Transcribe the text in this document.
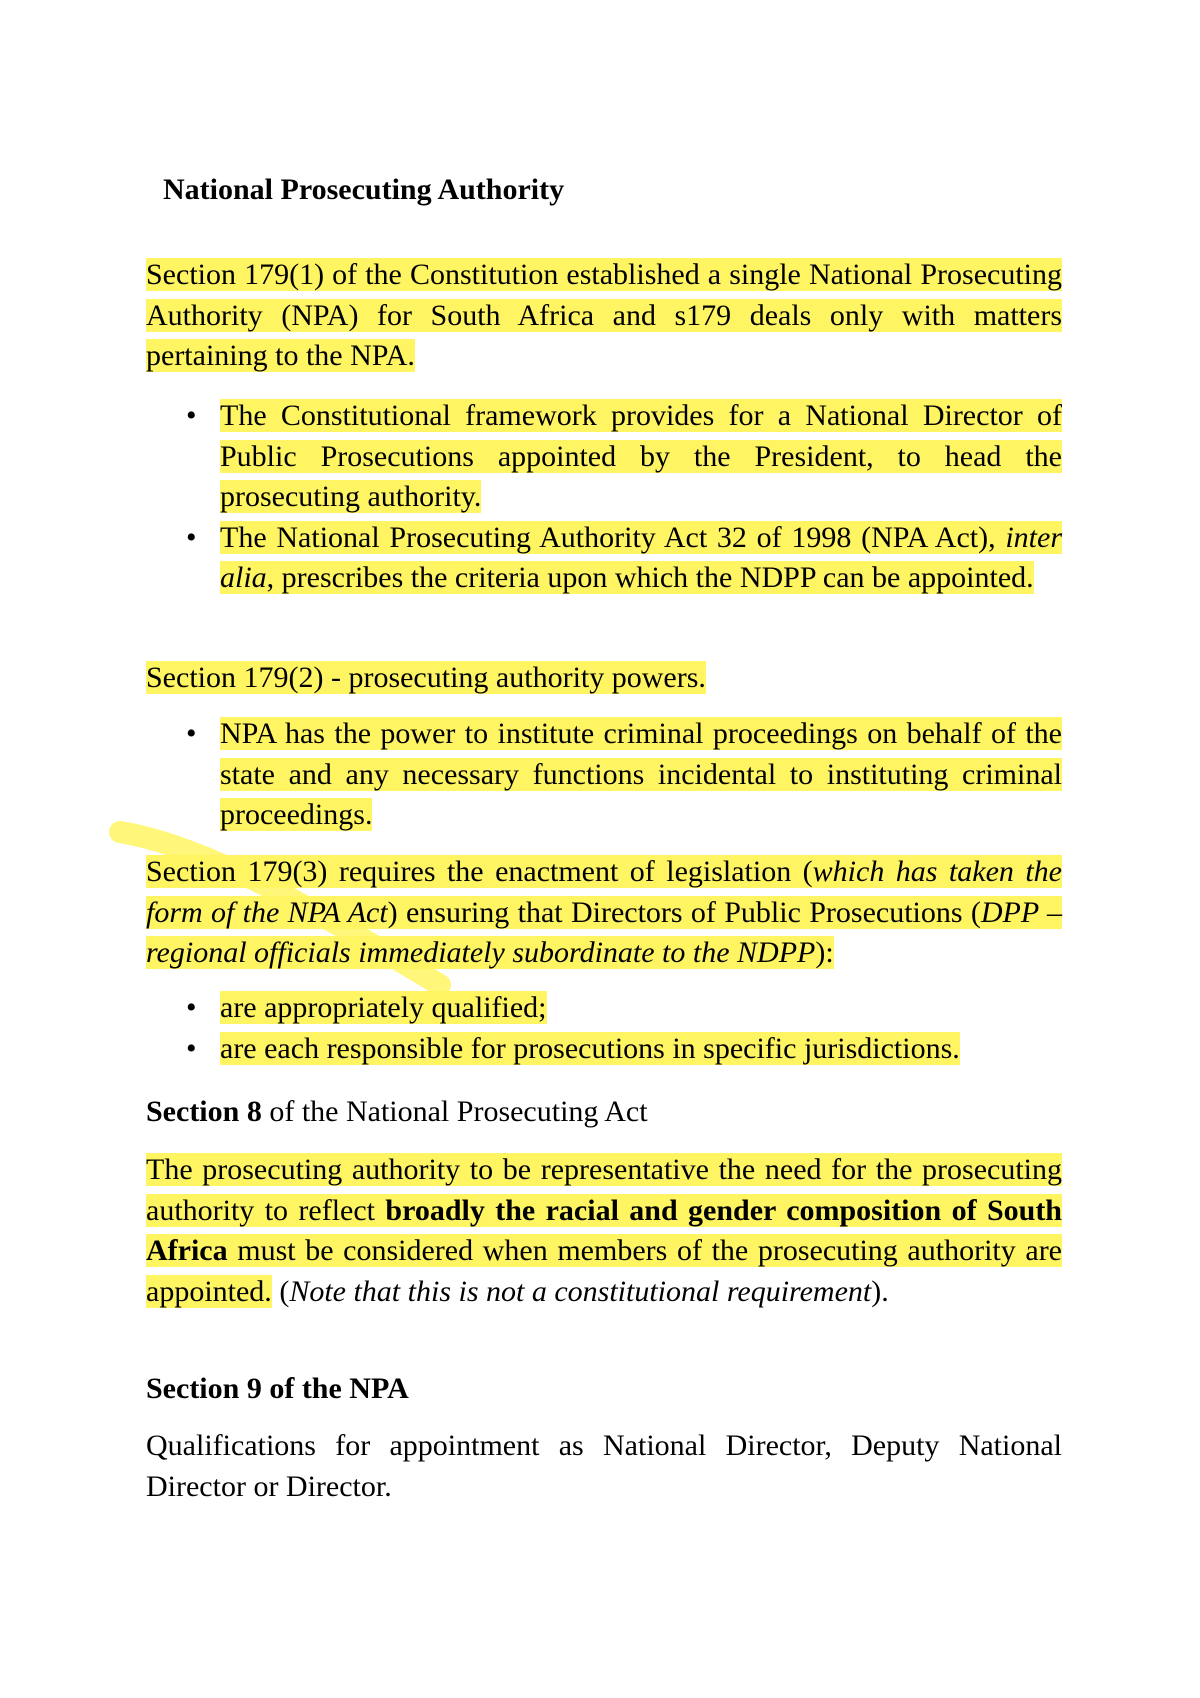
National Prosecuting Authority

Section 179(1) of the Constitution established a single National Prosecuting Authority (NPA) for South Africa and s179 deals only with matters pertaining to the NPA.

• The Constitutional framework provides for a National Director of Public Prosecutions appointed by the President, to head the prosecuting authority.
• The National Prosecuting Authority Act 32 of 1998 (NPA Act), inter alia, prescribes the criteria upon which the NDPP can be appointed.

Section 179(2) - prosecuting authority powers.

• NPA has the power to institute criminal proceedings on behalf of the state and any necessary functions incidental to instituting criminal proceedings.

Section 179(3) requires the enactment of legislation (which has taken the form of the NPA Act) ensuring that Directors of Public Prosecutions (DPP – regional officials immediately subordinate to the NDPP):

• are appropriately qualified;
• are each responsible for prosecutions in specific jurisdictions.

Section 8 of the National Prosecuting Act

The prosecuting authority to be representative the need for the prosecuting authority to reflect broadly the racial and gender composition of South Africa must be considered when members of the prosecuting authority are appointed. (Note that this is not a constitutional requirement).

Section 9 of the NPA

Qualifications for appointment as National Director, Deputy National Director or Director.
